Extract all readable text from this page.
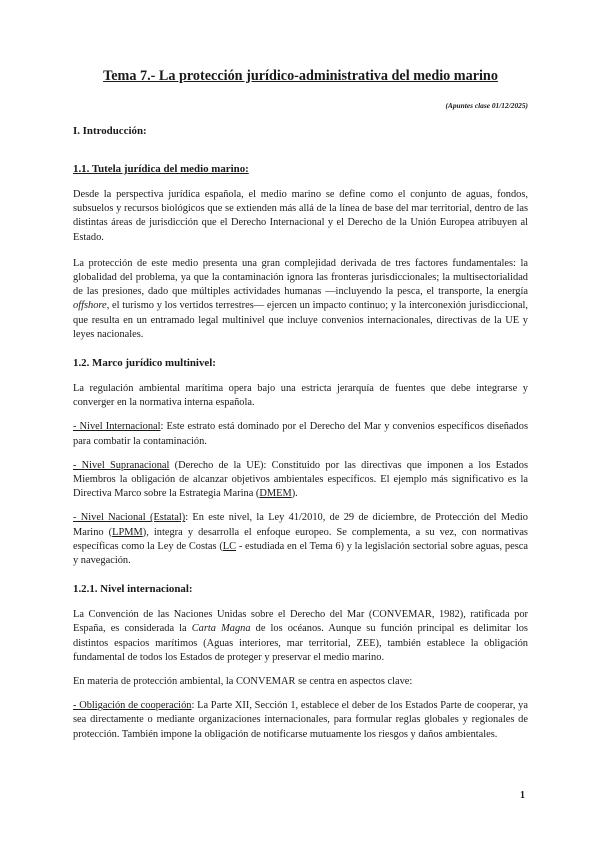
Tema 7.- La protección jurídico-administrativa del medio marino
(Apuntes clase 01/12/2025)
I. Introducción:
1.1. Tutela jurídica del medio marino:

Desde la perspectiva jurídica española, el medio marino se define como el conjunto de aguas, fondos, subsuelos y recursos biológicos que se extienden más allá de la línea de base del mar territorial, dentro de las distintas áreas de jurisdicción que el Derecho Internacional y el Derecho de la Unión Europea atribuyen al Estado.

La protección de este medio presenta una gran complejidad derivada de tres factores fundamentales: la globalidad del problema, ya que la contaminación ignora las fronteras jurisdiccionales; la multisectorialidad de las presiones, dado que múltiples actividades humanas —incluyendo la pesca, el transporte, la energía offshore, el turismo y los vertidos terrestres— ejercen un impacto continuo; y la interconexión jurisdiccional, que resulta en un entramado legal multinivel que incluye convenios internacionales, directivas de la UE y leyes nacionales.

1.2. Marco jurídico multinivel:

La regulación ambiental marítima opera bajo una estricta jerarquía de fuentes que debe integrarse y converger en la normativa interna española.

- Nivel Internacional: Este estrato está dominado por el Derecho del Mar y convenios específicos diseñados para combatir la contaminación.

- Nivel Supranacional (Derecho de la UE): Constituido por las directivas que imponen a los Estados Miembros la obligación de alcanzar objetivos ambientales específicos. El ejemplo más significativo es la Directiva Marco sobre la Estrategia Marina (DMEM).

- Nivel Nacional (Estatal): En este nivel, la Ley 41/2010, de 29 de diciembre, de Protección del Medio Marino (LPMM), integra y desarrolla el enfoque europeo. Se complementa, a su vez, con normativas específicas como la Ley de Costas (LC - estudiada en el Tema 6) y la legislación sectorial sobre aguas, pesca y navegación.

1.2.1. Nivel internacional:

La Convención de las Naciones Unidas sobre el Derecho del Mar (CONVEMAR, 1982), ratificada por España, es considerada la Carta Magna de los océanos. Aunque su función principal es delimitar los distintos espacios marítimos (Aguas interiores, mar territorial, ZEE), también establece la obligación fundamental de todos los Estados de proteger y preservar el medio marino.

En materia de protección ambiental, la CONVEMAR se centra en aspectos clave:

- Obligación de cooperación: La Parte XII, Sección 1, establece el deber de los Estados Parte de cooperar, ya sea directamente o mediante organizaciones internacionales, para formular reglas globales y regionales de protección. También impone la obligación de notificarse mutuamente los riesgos y daños ambientales.

1
